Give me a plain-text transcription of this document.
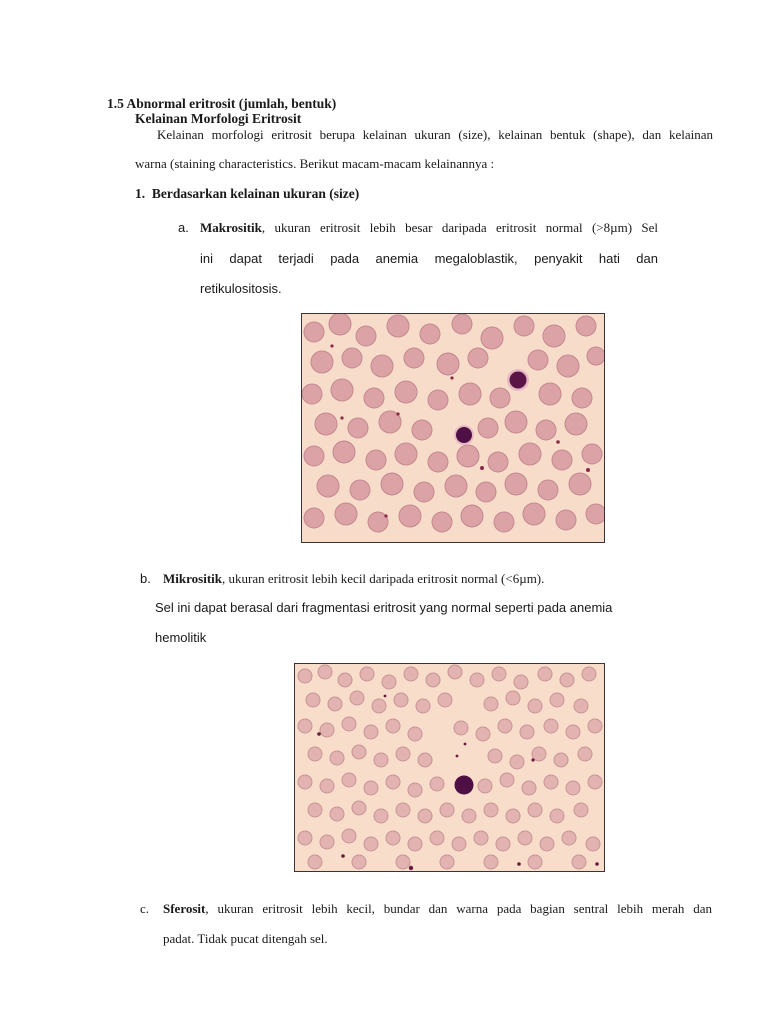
1.5 Abnormal eritrosit (jumlah, bentuk)
Kelainan Morfologi Eritrosit
Kelainan morfologi eritrosit berupa kelainan ukuran (size), kelainan bentuk (shape), dan kelainan
warna (staining characteristics. Berikut macam-macam kelainannya :
1. Berdasarkan kelainan ukuran (size)
a. Makrositik, ukuran eritrosit lebih besar daripada eritrosit normal (>8µm) Sel
ini dapat terjadi pada anemia megaloblastik, penyakit hati dan
retikulositosis.
b. Mikrositik, ukuran eritrosit lebih kecil daripada eritrosit normal (<6µm).
Sel ini dapat berasal dari fragmentasi eritrosit yang normal seperti pada anemia
hemolitik
c. Sferosit, ukuran eritrosit lebih kecil, bundar dan warna pada bagian sentral lebih merah dan
padat. Tidak pucat ditengah sel.
